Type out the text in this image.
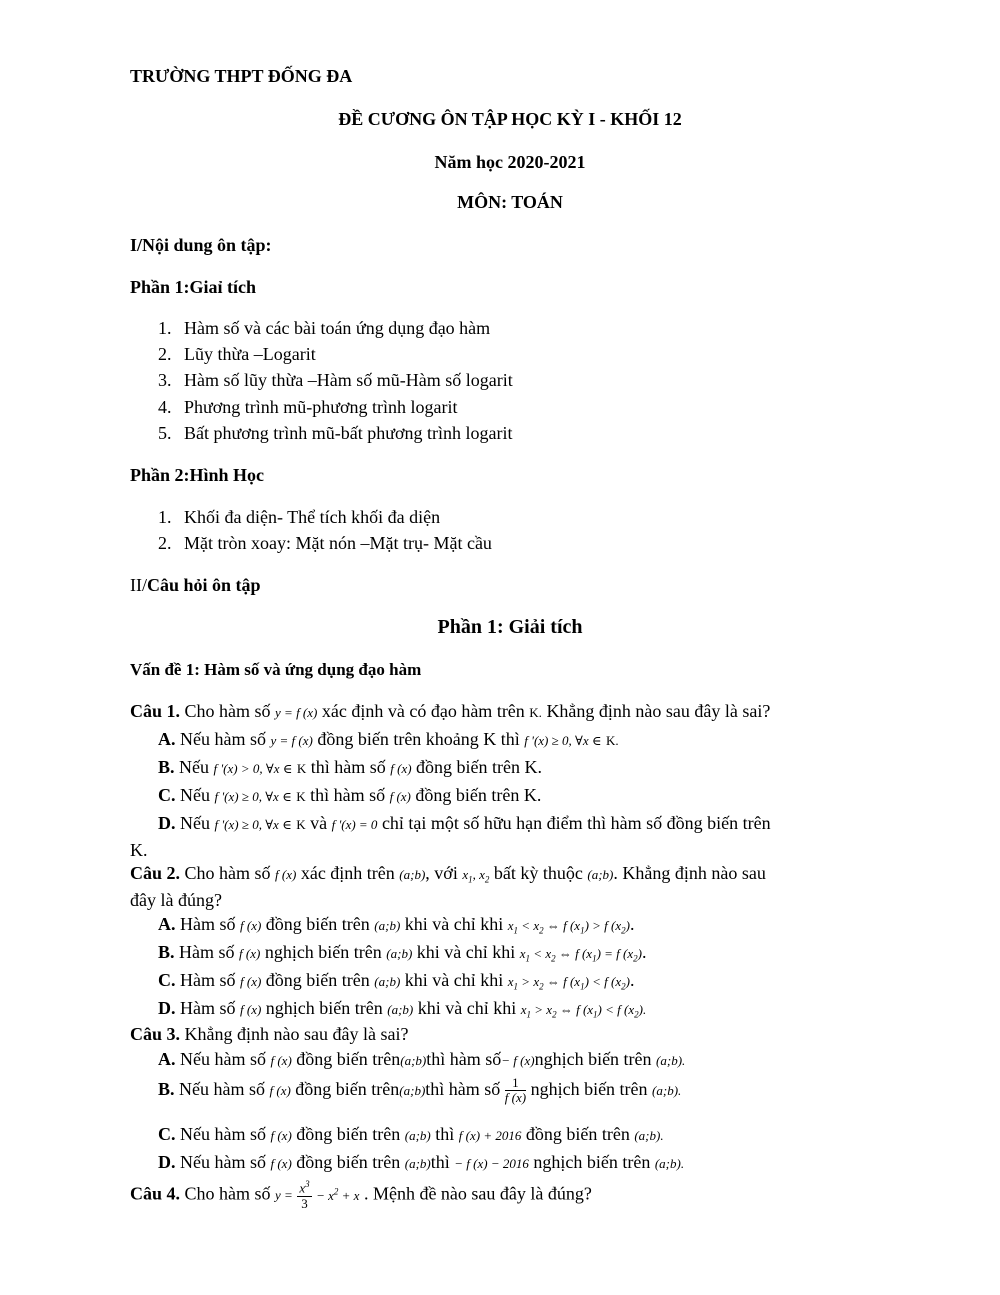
TRƯỜNG THPT ĐỐNG ĐA
ĐỀ CƯƠNG ÔN TẬP HỌC KỲ I - KHỐI 12
Năm học 2020-2021
MÔN: TOÁN
I/Nội dung ôn tập:
Phần 1:Giaỉ tích
1. Hàm số và các bài toán ứng dụng đạo hàm
2. Lũy thừa –Logarit
3. Hàm số lũy thừa –Hàm số mũ-Hàm số logarit
4. Phương trình mũ-phương trình logarit
5. Bất phương trình mũ-bất phương trình logarit
Phần 2:Hình Học
1. Khối đa diện- Thể tích khối đa diện
2. Mặt tròn xoay: Mặt nón –Mặt trụ- Mặt cầu
II/Câu hỏi ôn tập
Phần 1: Giải tích
Vấn đề 1: Hàm số và ứng dụng đạo hàm
Câu 1. Cho hàm số y = f (x) xác định và có đạo hàm trên K. Khẳng định nào sau đây là sai?
A. Nếu hàm số y = f (x) đồng biến trên khoảng K thì f '(x) ≥ 0, ∀x ∈ K.
B. Nếu f '(x) > 0, ∀x ∈ K thì hàm số f (x) đồng biến trên K.
C. Nếu f '(x) ≥ 0, ∀x ∈ K thì hàm số f (x) đồng biến trên K.
D. Nếu f '(x) ≥ 0, ∀x ∈ K và f '(x) = 0 chỉ tại một số hữu hạn điểm thì hàm số đồng biến trên
K.
Câu 2. Cho hàm số f (x) xác định trên (a;b), với $x_1$, $x_2$ bất kỳ thuộc (a;b). Khẳng định nào sau
đây là đúng?
A. Hàm số f (x) đồng biến trên (a;b) khi và chỉ khi $x_1 < x_2$ ⇔ f $(x_1) > f$ $(x_2)$.
B. Hàm số f (x) nghịch biến trên (a;b) khi và chỉ khi $x_1 < x_2$ ⇔ f $(x_1) = f$ $(x_2)$.
C. Hàm số f (x) đồng biến trên (a;b) khi và chỉ khi $x_1 > x_2$ ⇔ f $(x_1) < f$ $(x_2)$.
D. Hàm số f (x) nghịch biến trên (a;b) khi và chỉ khi $x_1 > x_2$ ⇔ f $(x_1) < f$ $(x_2)$.
Câu 3. Khẳng định nào sau đây là sai?
A. Nếu hàm số f (x) đồng biến trên(a;b)thì hàm số− f (x)nghịch biến trên (a;b).
B. Nếu hàm số f (x) đồng biến trên(a;b)thì hàm số $\frac{1}{f (x)}$ nghịch biến trên (a;b).
C. Nếu hàm số f (x) đồng biến trên (a;b) thì f (x) + 2016 đồng biến trên (a;b).
D. Nếu hàm số f (x) đồng biến trên (a;b)thì − f (x) − 2016 nghịch biến trên (a;b).
Câu 4. Cho hàm số $y = \frac{x^3}{3} - x^2 + x$ . Mệnh đề nào sau đây là đúng?
